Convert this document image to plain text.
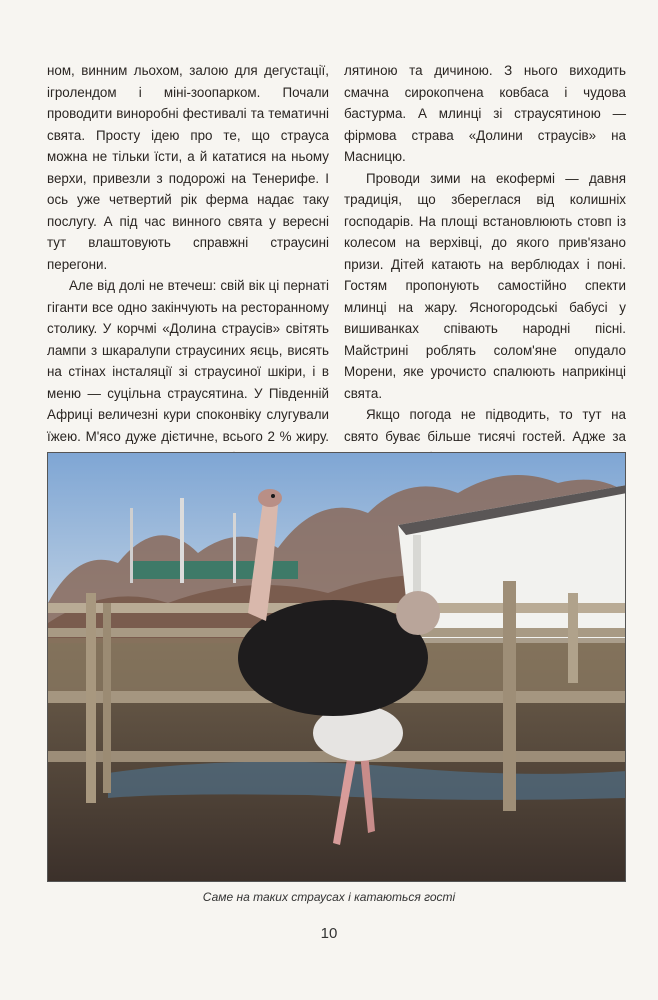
ном, винним льохом, залою для дегустації, ігролендом і міні-зоопарком. Почали проводити виноробні фестивалі та тематичні свята. Просту ідею про те, що страуса можна не тільки їсти, а й кататися на ньому верхи, привезли з подорожі на Тенерифе. І ось уже четвертий рік ферма надає таку послугу. А під час винного свята у вересні тут влаштовують справжні страусині перегони.

Але від долі не втечеш: свій вік ці пернаті гіганти все одно закінчують на ресторанному столику. У корчмі «Долина страусів» світять лампи з шкаралупи страусиних яєць, висять на стінах інсталяції зі страусиної шкіри, і в меню — суцільна страусятина. У Південній Африці величезні кури споконвіку слугували їжею. М'ясо дуже дієтичне, всього 2 % жиру.

лятиною та дичиною. З нього виходить смачна сирокопчена ковбаса і чудова бастурма. А млинці зі страусятиною — фірмова страва «Долини страусів» на Масницю.

Проводи зими на екофермі — давня традиція, що збереглася від колишніх господарів. На площі встановлюють стовп із колесом на верхівці, до якого прив'язано призи. Дітей катають на верблюдах і поні. Гостям пропонують самостійно спекти млинці на жару. Ясногородські бабусі у вишиванках співають народні пісні. Майстрині роблять солом'яне опудало Морени, яке урочисто спалюють наприкінці свята.

Якщо погода не підводить, то тут на свято буває більше тисячі гостей. Адже за

Саме на таких страусах і катаються гості
10
